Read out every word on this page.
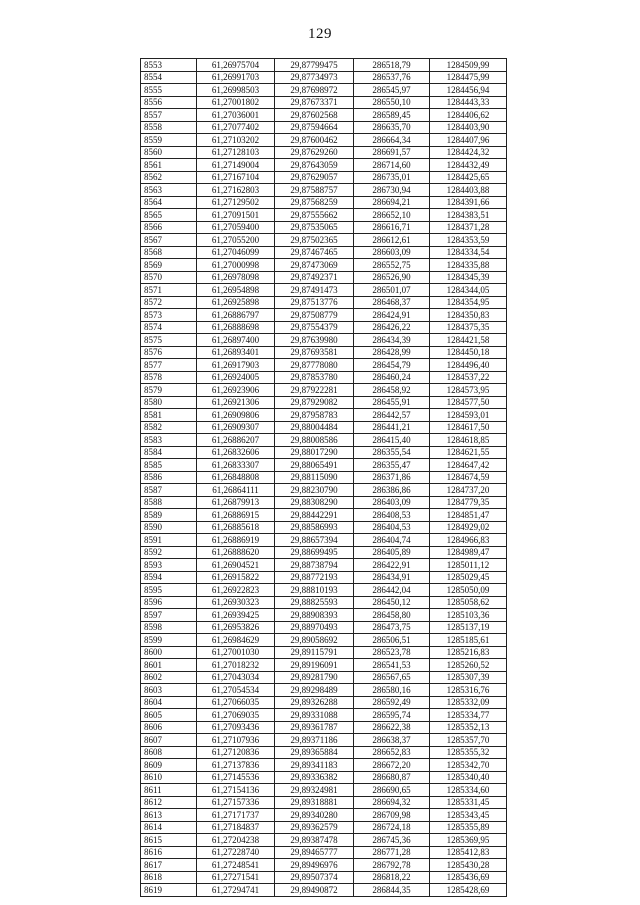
129
8553	61,26975704	29,87799475	286518,79	1284509,99
8554	61,26991703	29,87734973	286537,76	1284475,99
8555	61,26998503	29,87698972	286545,97	1284456,94
8556	61,27001802	29,87673371	286550,10	1284443,33
8557	61,27036001	29,87602568	286589,45	1284406,62
8558	61,27077402	29,87594664	286635,70	1284403,90
8559	61,27103202	29,87600462	286664,34	1284407,96
8560	61,27128103	29,87629260	286691,57	1284424,32
8561	61,27149004	29,87643059	286714,60	1284432,49
8562	61,27167104	29,87629057	286735,01	1284425,65
8563	61,27162803	29,87588757	286730,94	1284403,88
8564	61,27129502	29,87568259	286694,21	1284391,66
8565	61,27091501	29,87555662	286652,10	1284383,51
8566	61,27059400	29,87535065	286616,71	1284371,28
8567	61,27055200	29,87502365	286612,61	1284353,59
8568	61,27046099	29,87467465	286603,09	1284334,54
8569	61,27000998	29,87473069	286552,75	1284335,88
8570	61,26978098	29,87492371	286526,90	1284345,39
8571	61,26954898	29,87491473	286501,07	1284344,05
8572	61,26925898	29,87513776	286468,37	1284354,95
8573	61,26886797	29,87508779	286424,91	1284350,83
8574	61,26888698	29,87554379	286426,22	1284375,35
8575	61,26897400	29,87639980	286434,39	1284421,58
8576	61,26893401	29,87693581	286428,99	1284450,18
8577	61,26917903	29,87778080	286454,79	1284496,40
8578	61,26924005	29,87853780	286460,24	1284537,22
8579	61,26923906	29,87922281	286458,92	1284573,95
8580	61,26921306	29,87929082	286455,91	1284577,50
8581	61,26909806	29,87958783	286442,57	1284593,01
8582	61,26909307	29,88004484	286441,21	1284617,50
8583	61,26886207	29,88008586	286415,40	1284618,85
8584	61,26832606	29,88017290	286355,54	1284621,55
8585	61,26833307	29,88065491	286355,47	1284647,42
8586	61,26848808	29,88115090	286371,86	1284674,59
8587	61,26864111	29,88230790	286386,86	1284737,20
8588	61,26879913	29,88308290	286403,09	1284779,35
8589	61,26886915	29,88442291	286408,53	1284851,47
8590	61,26885618	29,88586993	286404,53	1284929,02
8591	61,26886919	29,88657394	286404,74	1284966,83
8592	61,26888620	29,88699495	286405,89	1284989,47
8593	61,26904521	29,88738794	286422,91	1285011,12
8594	61,26915822	29,88772193	286434,91	1285029,45
8595	61,26922823	29,88810193	286442,04	1285050,09
8596	61,26930323	29,88825593	286450,12	1285058,62
8597	61,26939425	29,88908393	286458,80	1285103,36
8598	61,26953826	29,88970493	286473,75	1285137,19
8599	61,26984629	29,89058692	286506,51	1285185,61
8600	61,27001030	29,89115791	286523,78	1285216,83
8601	61,27018232	29,89196091	286541,53	1285260,52
8602	61,27043034	29,89281790	286567,65	1285307,39
8603	61,27054534	29,89298489	286580,16	1285316,76
8604	61,27066035	29,89326288	286592,49	1285332,09
8605	61,27069035	29,89331088	286595,74	1285334,77
8606	61,27093436	29,89361787	286622,38	1285352,13
8607	61,27107936	29,89371186	286638,37	1285357,70
8608	61,27120836	29,89365884	286652,83	1285355,32
8609	61,27137836	29,89341183	286672,20	1285342,70
8610	61,27145536	29,89336382	286680,87	1285340,40
8611	61,27154136	29,89324981	286690,65	1285334,60
8612	61,27157336	29,89318881	286694,32	1285331,45
8613	61,27171737	29,89340280	286709,98	1285343,45
8614	61,27184837	29,89362579	286724,18	1285355,89
8615	61,27204238	29,89387478	286745,36	1285369,95
8616	61,27228740	29,89465777	286771,28	1285412,83
8617	61,27248541	29,89496976	286792,78	1285430,28
8618	61,27271541	29,89507374	286818,22	1285436,69
8619	61,27294741	29,89490872	286844,35	1285428,69
